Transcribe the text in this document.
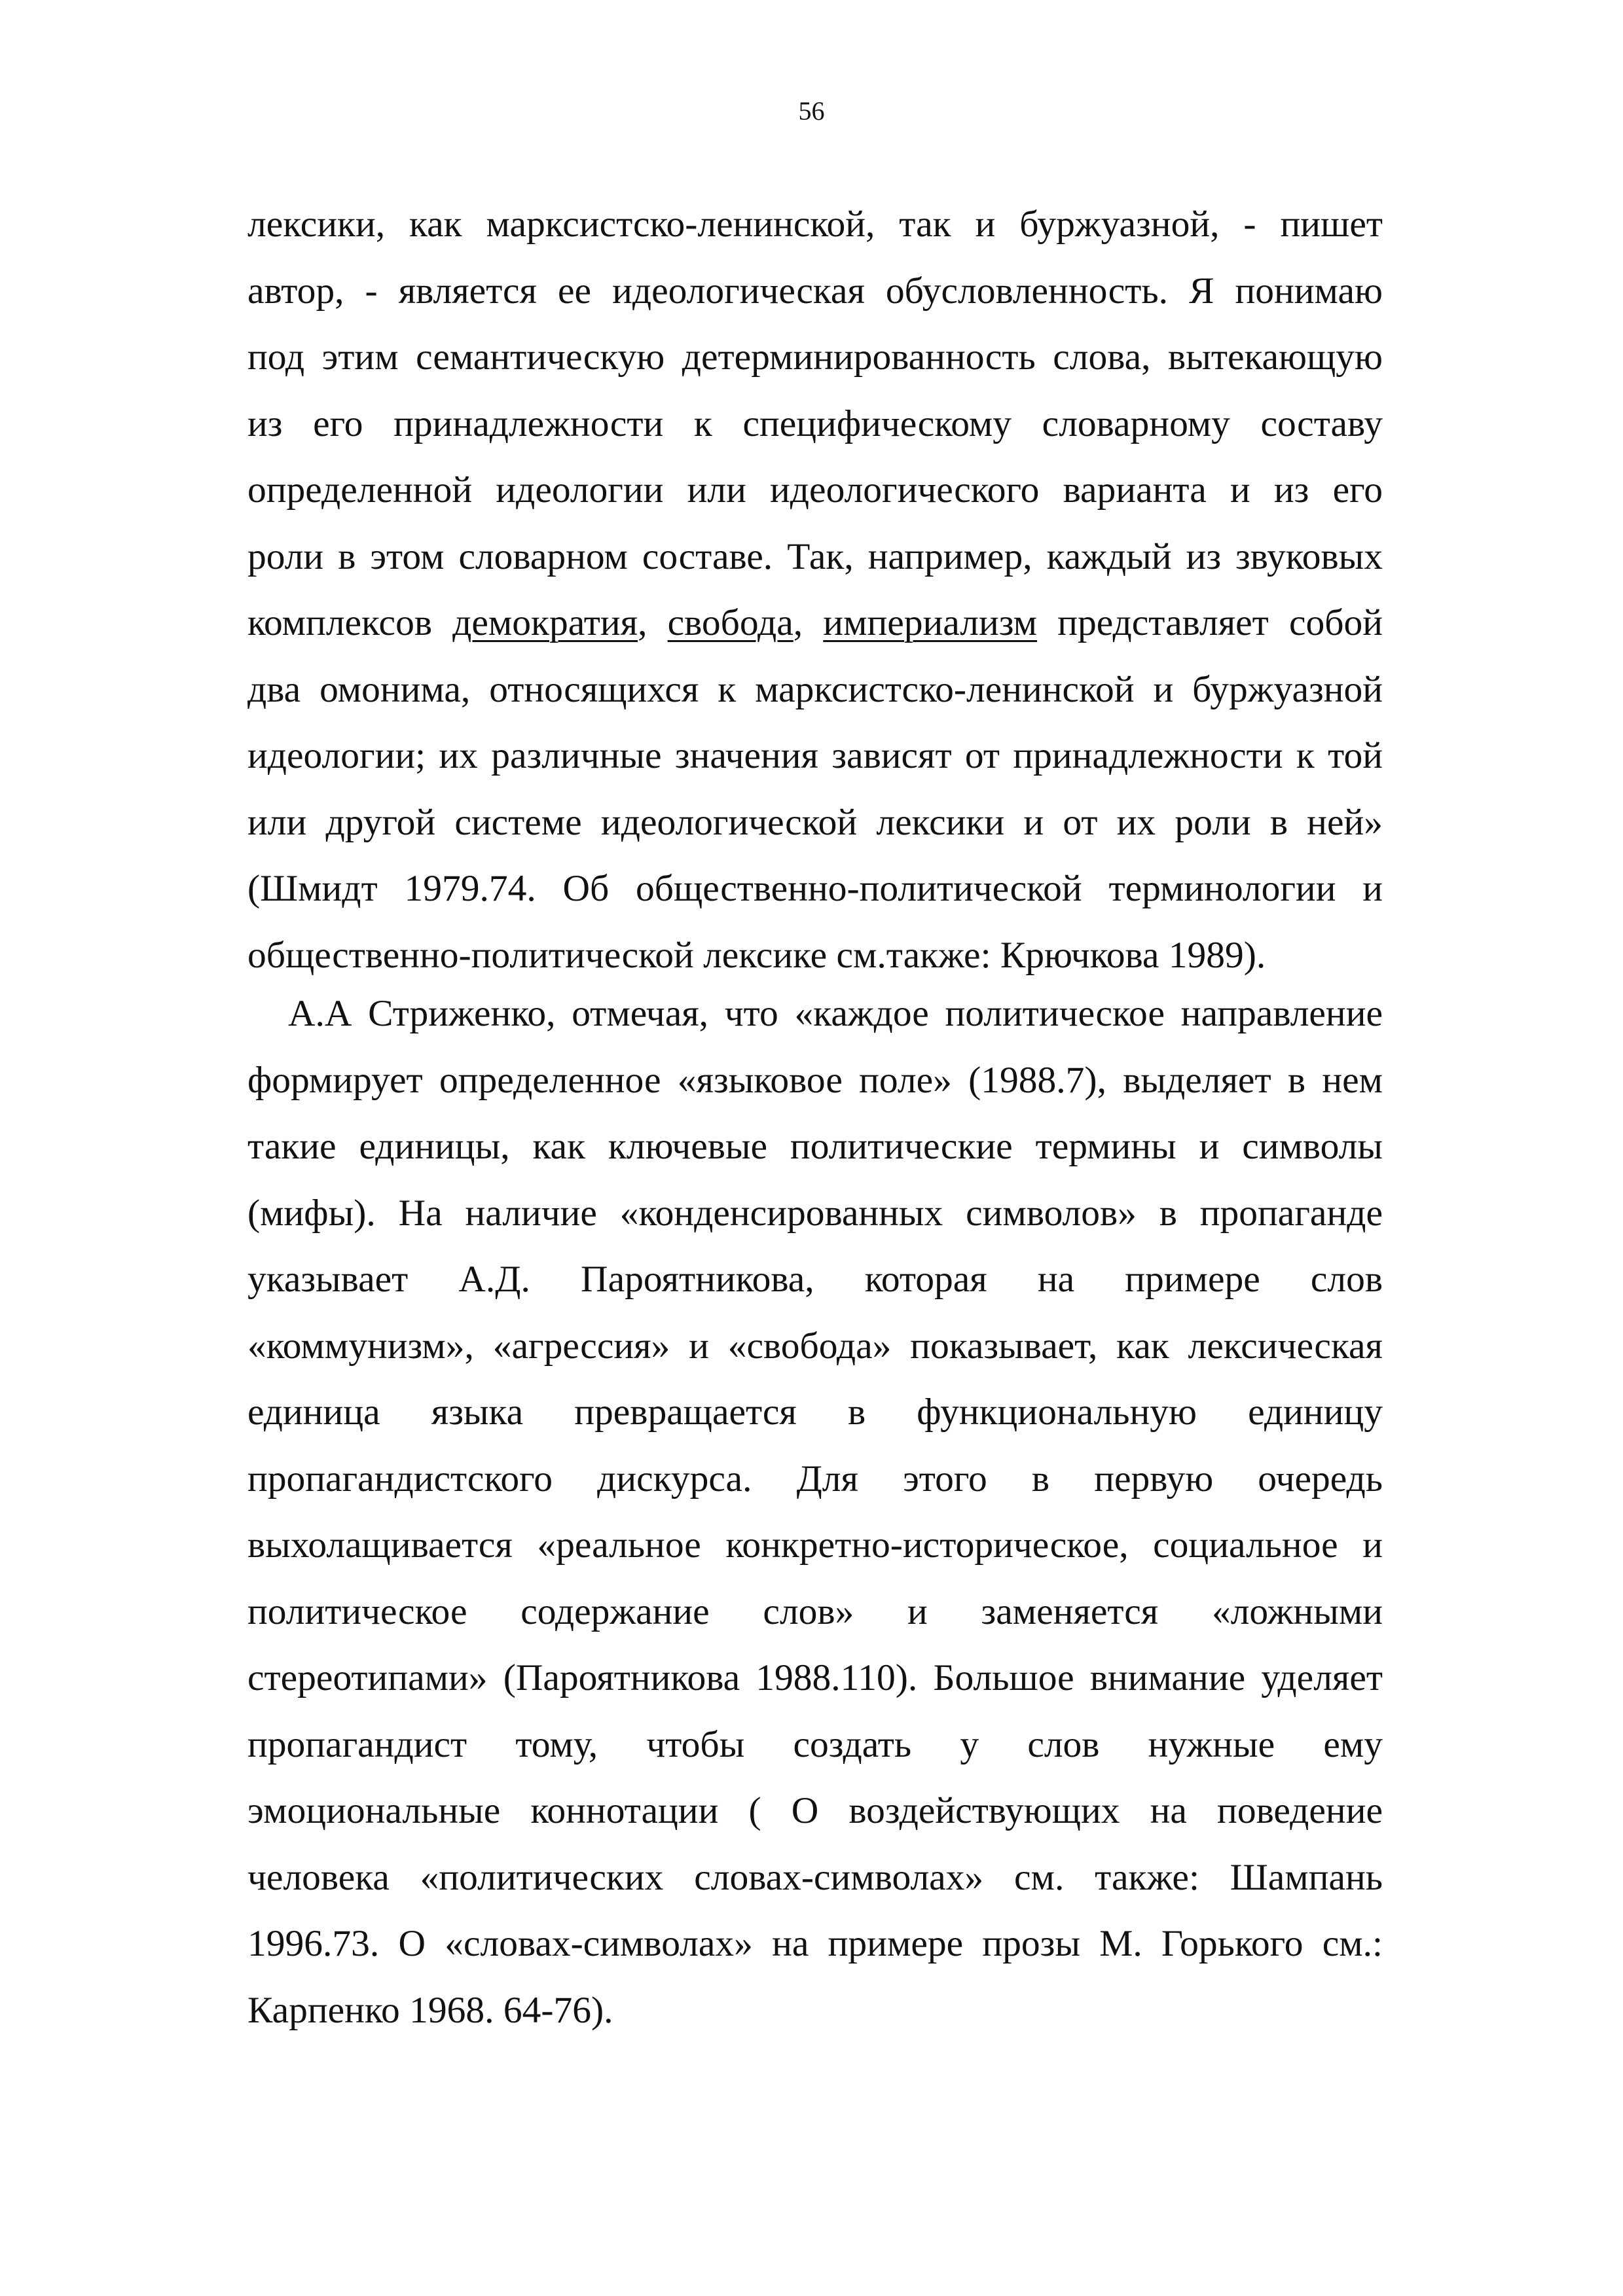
56
лексики, как марксистско-ленинской, так и буржуазной, - пишет
автор, - является ее идеологическая обусловленность. Я понимаю
под этим семантическую детерминированность слова, вытекающую
из его принадлежности к специфическому словарному составу
определенной идеологии или идеологического варианта и из его
роли в этом словарном составе. Так, например, каждый из звуковых
комплексов демократия, свобода, империализм представляет собой
два омонима, относящихся к марксистско-ленинской и буржуазной
идеологии; их различные значения зависят от принадлежности к той
или другой системе идеологической лексики и от их роли в ней»
(Шмидт 1979.74. Об общественно-политической терминологии и
общественно-политической лексике см.также: Крючкова 1989).
А.А Стриженко, отмечая, что «каждое политическое направление
формирует определенное «языковое поле» (1988.7), выделяет в нем
такие единицы, как ключевые политические термины и символы
(мифы). На наличие «конденсированных символов» в пропаганде
указывает А.Д. Пароятникова, которая на примере слов
«коммунизм», «агрессия» и «свобода» показывает, как лексическая
единица языка превращается в функциональную единицу
пропагандистского дискурса. Для этого в первую очередь
выхолащивается «реальное конкретно-историческое, социальное и
политическое содержание слов» и заменяется «ложными
стереотипами» (Пароятникова 1988.110). Большое внимание уделяет
пропагандист тому, чтобы создать у слов нужные ему
эмоциональные коннотации ( О воздействующих на поведение
человека «политических словах-символах» см. также: Шампань
1996.73. О «словах-символах» на примере прозы М. Горького см.:
Карпенко 1968. 64-76).
